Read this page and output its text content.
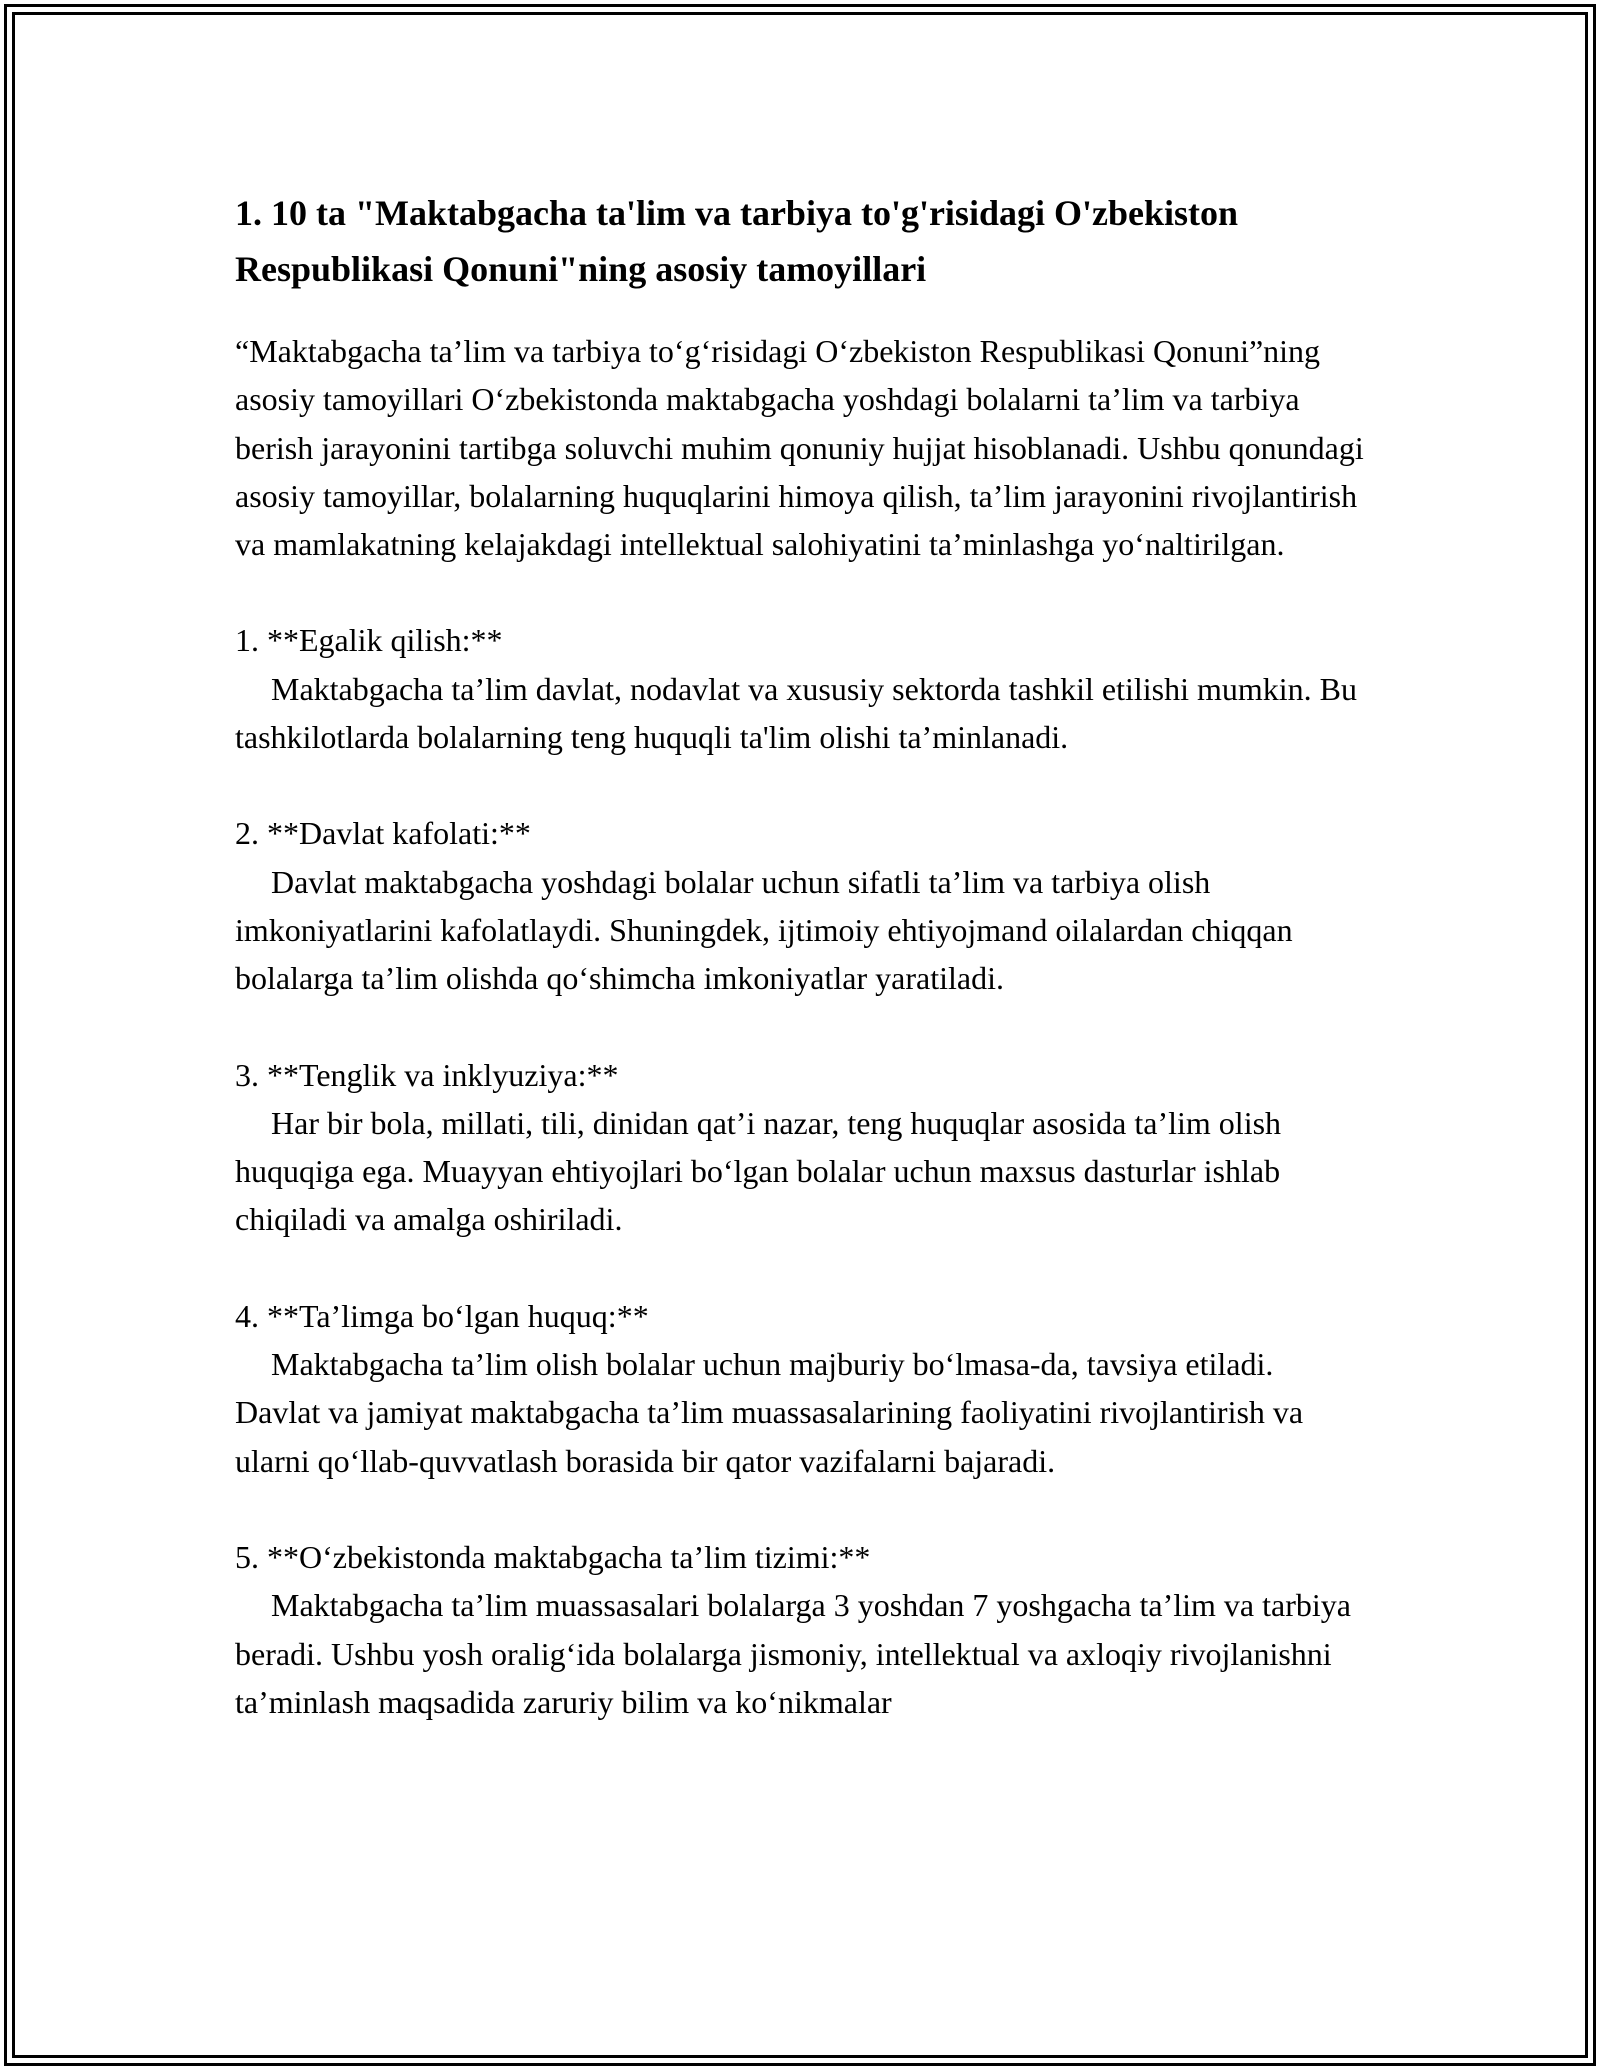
1. 10 ta "Maktabgacha ta'lim va tarbiya to'g'risidagi O'zbekiston Respublikasi Qonuni"ning asosiy tamoyillari

“Maktabgacha ta’lim va tarbiya to‘g‘risidagi O‘zbekiston Respublikasi Qonuni”ning asosiy tamoyillari O‘zbekistonda maktabgacha yoshdagi bolalarni ta’lim va tarbiya berish jarayonini tartibga soluvchi muhim qonuniy hujjat hisoblanadi. Ushbu qonundagi asosiy tamoyillar, bolalarning huquqlarini himoya qilish, ta’lim jarayonini rivojlantirish va mamlakatning kelajakdagi intellektual salohiyatini ta’minlashga yo‘naltirilgan.

1. **Egalik qilish:**
Maktabgacha ta’lim davlat, nodavlat va xususiy sektorda tashkil etilishi mumkin. Bu tashkilotlarda bolalarning teng huquqli ta'lim olishi ta’minlanadi.
2. **Davlat kafolati:**
Davlat maktabgacha yoshdagi bolalar uchun sifatli ta’lim va tarbiya olish imkoniyatlarini kafolatlaydi. Shuningdek, ijtimoiy ehtiyojmand oilalardan chiqqan bolalarga ta’lim olishda qo‘shimcha imkoniyatlar yaratiladi.
3. **Tenglik va inklyuziya:**
Har bir bola, millati, tili, dinidan qat’i nazar, teng huquqlar asosida ta’lim olish huquqiga ega. Muayyan ehtiyojlari bo‘lgan bolalar uchun maxsus dasturlar ishlab chiqiladi va amalga oshiriladi.
4. **Ta’limga bo‘lgan huquq:**
Maktabgacha ta’lim olish bolalar uchun majburiy bo‘lmasa-da, tavsiya etiladi. Davlat va jamiyat maktabgacha ta’lim muassasalarining faoliyatini rivojlantirish va ularni qo‘llab-quvvatlash borasida bir qator vazifalarni bajaradi.
5. **O‘zbekistonda maktabgacha ta’lim tizimi:**
Maktabgacha ta’lim muassasalari bolalarga 3 yoshdan 7 yoshgacha ta’lim va tarbiya beradi. Ushbu yosh oralig‘ida bolalarga jismoniy, intellektual va axloqiy rivojlanishni ta’minlash maqsadida zaruriy bilim va ko‘nikmalar
